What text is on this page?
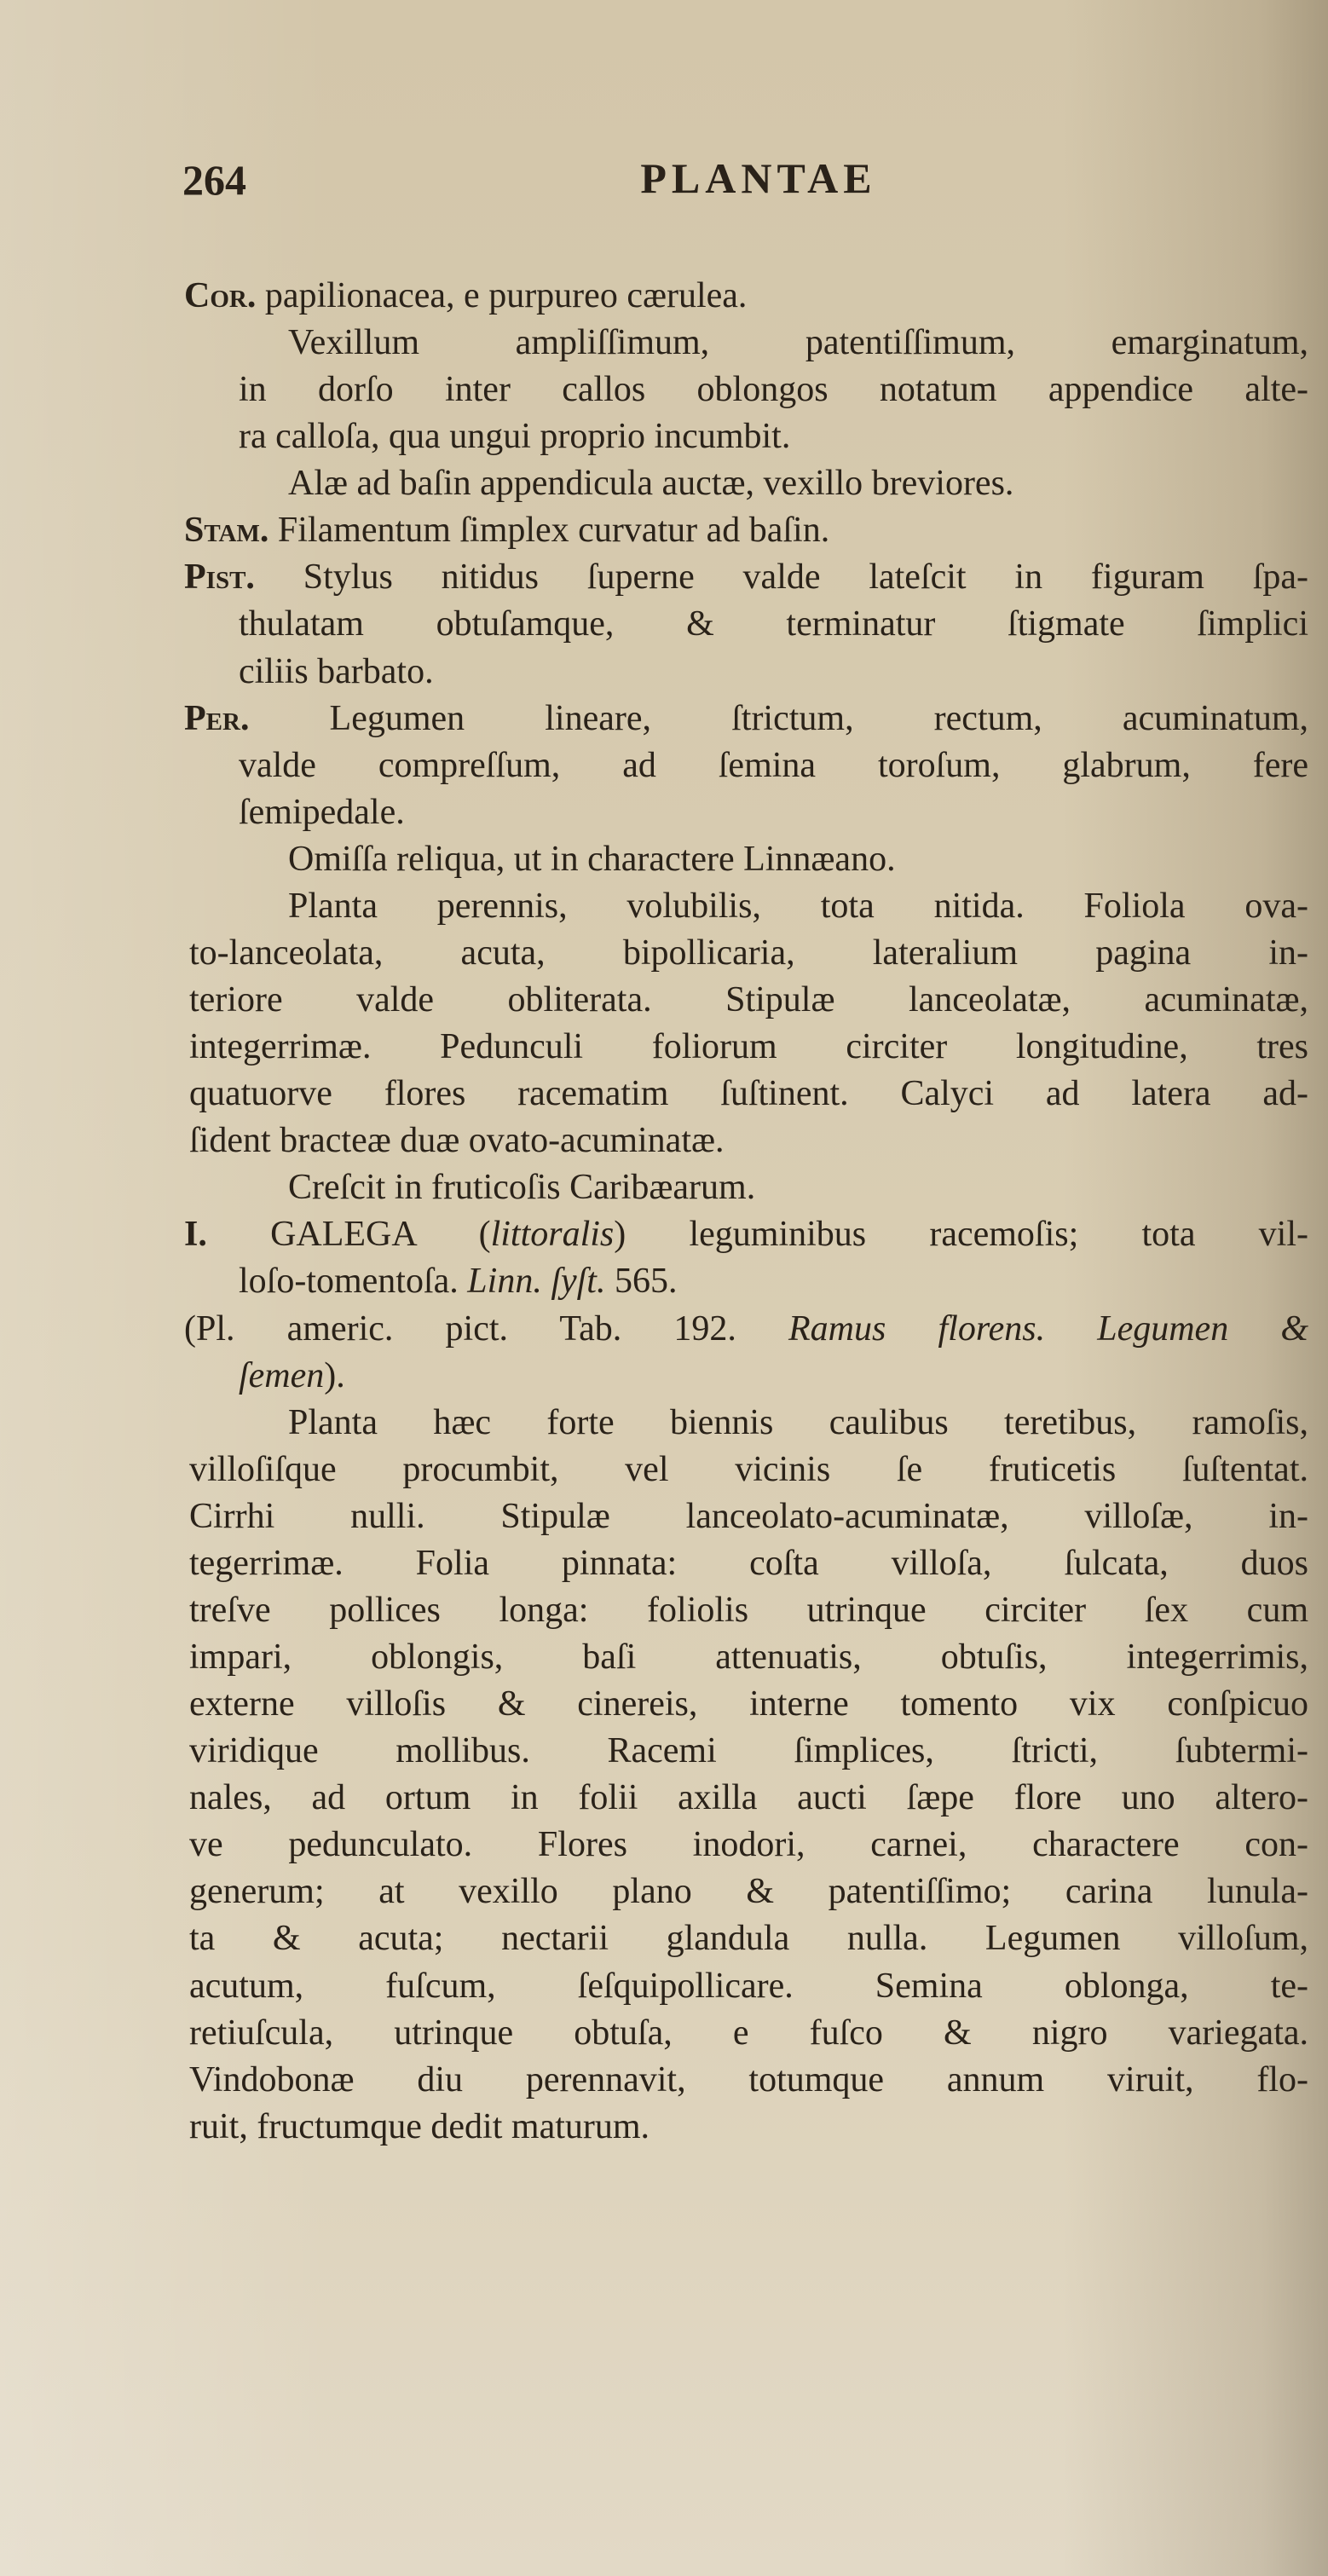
264	PLANTAE
Cor. papilionacea, e purpureo cærulea.
Vexillum ampliſſimum, patentiſſimum, emarginatum,
in dorſo inter callos oblongos notatum appendice alte-
ra calloſa, qua ungui proprio incumbit.
Alæ ad baſin appendicula auctæ, vexillo breviores.
Stam. Filamentum ſimplex curvatur ad baſin.
Pist. Stylus nitidus ſuperne valde lateſcit in figuram ſpa-
thulatam obtuſamque, & terminatur ſtigmate ſimplici
ciliis barbato.
Per. Legumen lineare, ſtrictum, rectum, acuminatum,
valde compreſſum, ad ſemina toroſum, glabrum, fere
ſemipedale.
Omiſſa reliqua, ut in charactere Linnæano.
Planta perennis, volubilis, tota nitida. Foliola ova-
to-lanceolata, acuta, bipollicaria, lateralium pagina in-
teriore valde obliterata. Stipulæ lanceolatæ, acuminatæ,
integerrimæ. Pedunculi foliorum circiter longitudine, tres
quatuorve flores racematim ſuſtinent. Calyci ad latera ad-
ſident bracteæ duæ ovato-acuminatæ.
Creſcit in fruticoſis Caribæarum.
I. GALEGA (littoralis) leguminibus racemoſis; tota vil-
loſo-tomentoſa. Linn. ſyſt. 565.
(Pl. americ. pict. Tab. 192. Ramus florens. Legumen &
ſemen).
Planta hæc forte biennis caulibus teretibus, ramoſis,
villoſiſque procumbit, vel vicinis ſe fruticetis ſuſtentat.
Cirrhi nulli. Stipulæ lanceolato-acuminatæ, villoſæ, in-
tegerrimæ. Folia pinnata: coſta villoſa, ſulcata, duos
treſve pollices longa: foliolis utrinque circiter ſex cum
impari, oblongis, baſi attenuatis, obtuſis, integerrimis,
externe villoſis & cinereis, interne tomento vix conſpicuo
viridique mollibus. Racemi ſimplices, ſtricti, ſubtermi-
nales, ad ortum in folii axilla aucti ſæpe flore uno altero-
ve pedunculato. Flores inodori, carnei, charactere con-
generum; at vexillo plano & patentiſſimo; carina lunula-
ta & acuta; nectarii glandula nulla. Legumen villoſum,
acutum, fuſcum, ſeſquipollicare. Semina oblonga, te-
retiuſcula, utrinque obtuſa, e fuſco & nigro variegata.
Vindobonæ diu perennavit, totumque annum viruit, flo-
ruit, fructumque dedit maturum.
